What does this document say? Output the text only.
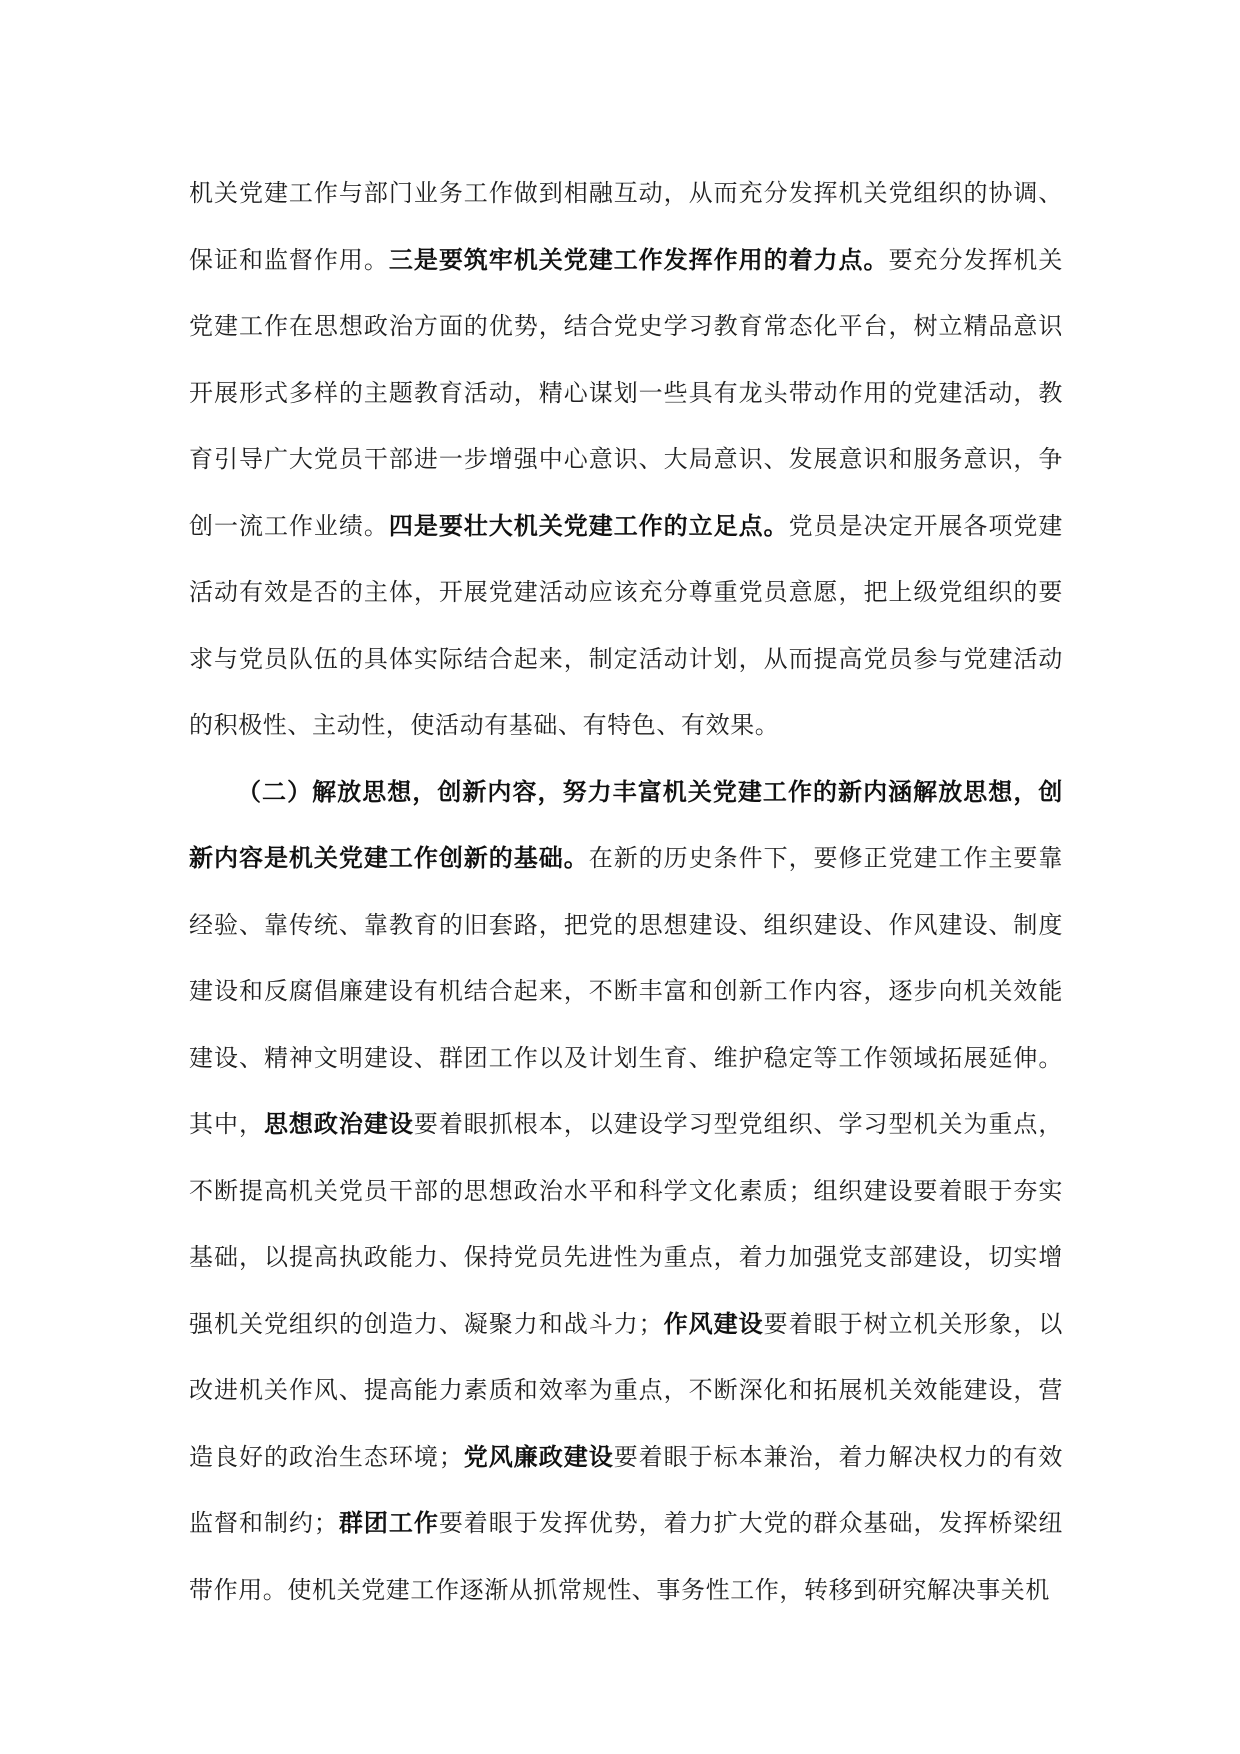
机关党建工作与部门业务工作做到相融互动，从而充分发挥机关党组织的协调、保证和监督作用。三是要筑牢机关党建工作发挥作用的着力点。要充分发挥机关党建工作在思想政治方面的优势，结合党史学习教育常态化平台，树立精品意识开展形式多样的主题教育活动，精心谋划一些具有龙头带动作用的党建活动，教育引导广大党员干部进一步增强中心意识、大局意识、发展意识和服务意识，争创一流工作业绩。四是要壮大机关党建工作的立足点。党员是决定开展各项党建活动有效是否的主体，开展党建活动应该充分尊重党员意愿，把上级党组织的要求与党员队伍的具体实际结合起来，制定活动计划，从而提高党员参与党建活动的积极性、主动性，使活动有基础、有特色、有效果。

（二）解放思想，创新内容，努力丰富机关党建工作的新内涵解放思想，创新内容是机关党建工作创新的基础。在新的历史条件下，要修正党建工作主要靠经验、靠传统、靠教育的旧套路，把党的思想建设、组织建设、作风建设、制度建设和反腐倡廉建设有机结合起来，不断丰富和创新工作内容，逐步向机关效能建设、精神文明建设、群团工作以及计划生育、维护稳定等工作领域拓展延伸。其中，思想政治建设要着眼抓根本，以建设学习型党组织、学习型机关为重点，不断提高机关党员干部的思想政治水平和科学文化素质；组织建设要着眼于夯实基础，以提高执政能力、保持党员先进性为重点，着力加强党支部建设，切实增强机关党组织的创造力、凝聚力和战斗力；作风建设要着眼于树立机关形象，以改进机关作风、提高能力素质和效率为重点，不断深化和拓展机关效能建设，营造良好的政治生态环境；党风廉政建设要着眼于标本兼治，着力解决权力的有效监督和制约；群团工作要着眼于发挥优势，着力扩大党的群众基础，发挥桥梁纽带作用。使机关党建工作逐渐从抓常规性、事务性工作，转移到研究解决事关机
